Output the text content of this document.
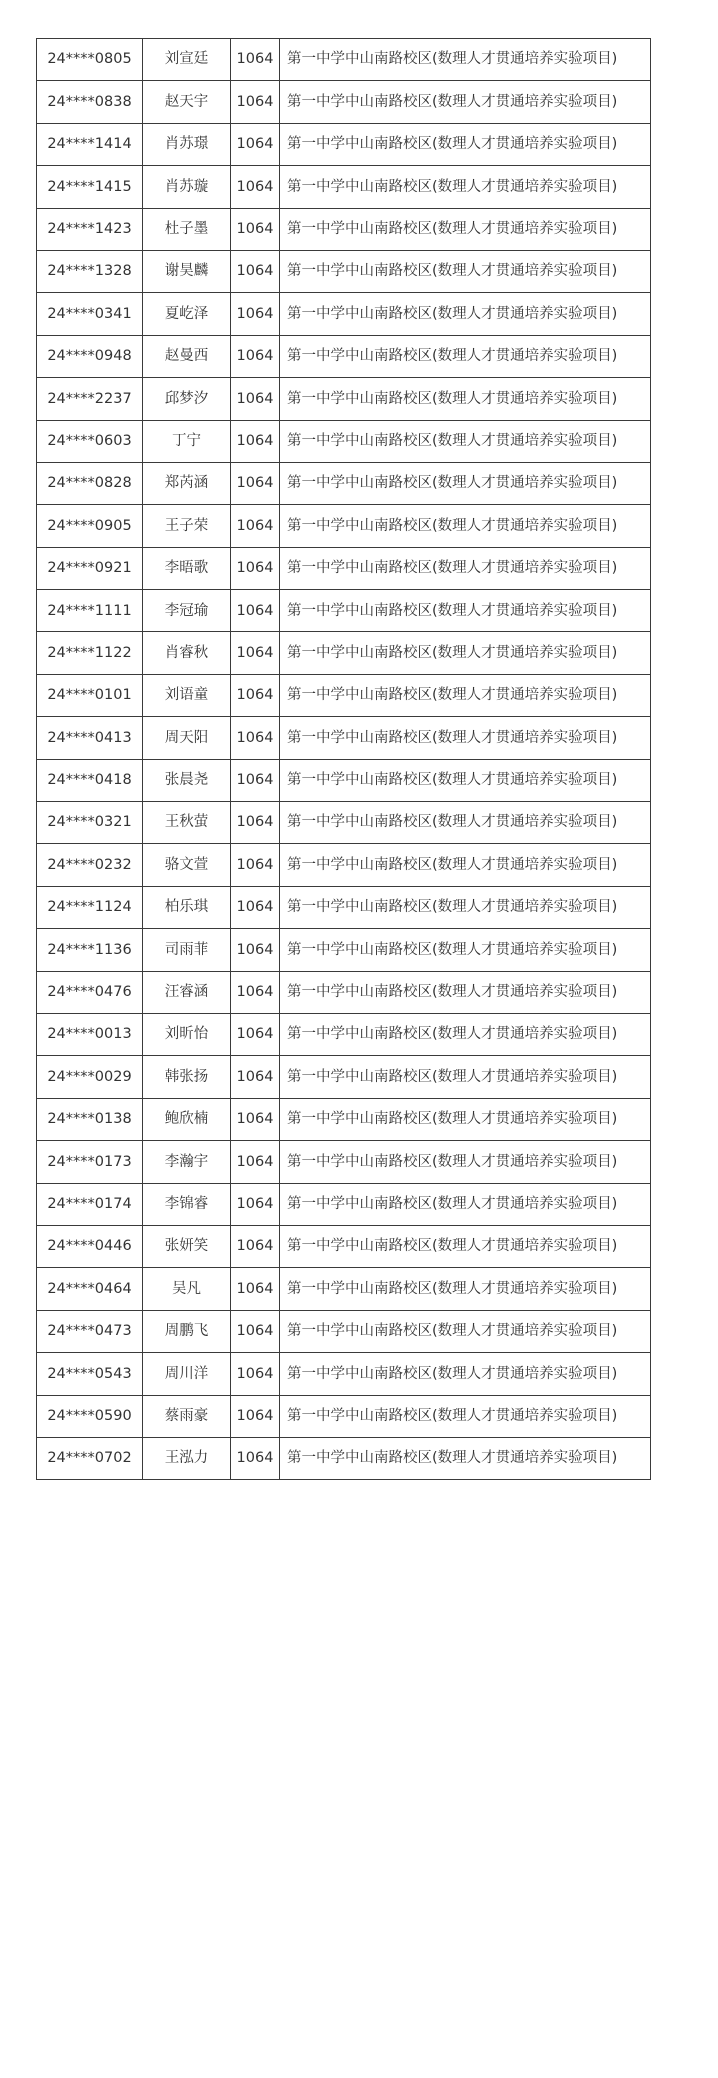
24****0805	刘宣廷	1064	第一中学中山南路校区(数理人才贯通培养实验项目)
24****0838	赵天宇	1064	第一中学中山南路校区(数理人才贯通培养实验项目)
24****1414	肖苏璟	1064	第一中学中山南路校区(数理人才贯通培养实验项目)
24****1415	肖苏璇	1064	第一中学中山南路校区(数理人才贯通培养实验项目)
24****1423	杜子墨	1064	第一中学中山南路校区(数理人才贯通培养实验项目)
24****1328	谢昊麟	1064	第一中学中山南路校区(数理人才贯通培养实验项目)
24****0341	夏屹泽	1064	第一中学中山南路校区(数理人才贯通培养实验项目)
24****0948	赵曼西	1064	第一中学中山南路校区(数理人才贯通培养实验项目)
24****2237	邱梦汐	1064	第一中学中山南路校区(数理人才贯通培养实验项目)
24****0603	丁宁	1064	第一中学中山南路校区(数理人才贯通培养实验项目)
24****0828	郑芮涵	1064	第一中学中山南路校区(数理人才贯通培养实验项目)
24****0905	王子荣	1064	第一中学中山南路校区(数理人才贯通培养实验项目)
24****0921	李晤歌	1064	第一中学中山南路校区(数理人才贯通培养实验项目)
24****1111	李冠瑜	1064	第一中学中山南路校区(数理人才贯通培养实验项目)
24****1122	肖睿秋	1064	第一中学中山南路校区(数理人才贯通培养实验项目)
24****0101	刘语童	1064	第一中学中山南路校区(数理人才贯通培养实验项目)
24****0413	周天阳	1064	第一中学中山南路校区(数理人才贯通培养实验项目)
24****0418	张晨尧	1064	第一中学中山南路校区(数理人才贯通培养实验项目)
24****0321	王秋萤	1064	第一中学中山南路校区(数理人才贯通培养实验项目)
24****0232	骆文萱	1064	第一中学中山南路校区(数理人才贯通培养实验项目)
24****1124	柏乐琪	1064	第一中学中山南路校区(数理人才贯通培养实验项目)
24****1136	司雨菲	1064	第一中学中山南路校区(数理人才贯通培养实验项目)
24****0476	汪睿涵	1064	第一中学中山南路校区(数理人才贯通培养实验项目)
24****0013	刘昕怡	1064	第一中学中山南路校区(数理人才贯通培养实验项目)
24****0029	韩张扬	1064	第一中学中山南路校区(数理人才贯通培养实验项目)
24****0138	鲍欣楠	1064	第一中学中山南路校区(数理人才贯通培养实验项目)
24****0173	李瀚宇	1064	第一中学中山南路校区(数理人才贯通培养实验项目)
24****0174	李锦睿	1064	第一中学中山南路校区(数理人才贯通培养实验项目)
24****0446	张妍笑	1064	第一中学中山南路校区(数理人才贯通培养实验项目)
24****0464	吴凡	1064	第一中学中山南路校区(数理人才贯通培养实验项目)
24****0473	周鹏飞	1064	第一中学中山南路校区(数理人才贯通培养实验项目)
24****0543	周川洋	1064	第一中学中山南路校区(数理人才贯通培养实验项目)
24****0590	蔡雨豪	1064	第一中学中山南路校区(数理人才贯通培养实验项目)
24****0702	王泓力	1064	第一中学中山南路校区(数理人才贯通培养实验项目)
